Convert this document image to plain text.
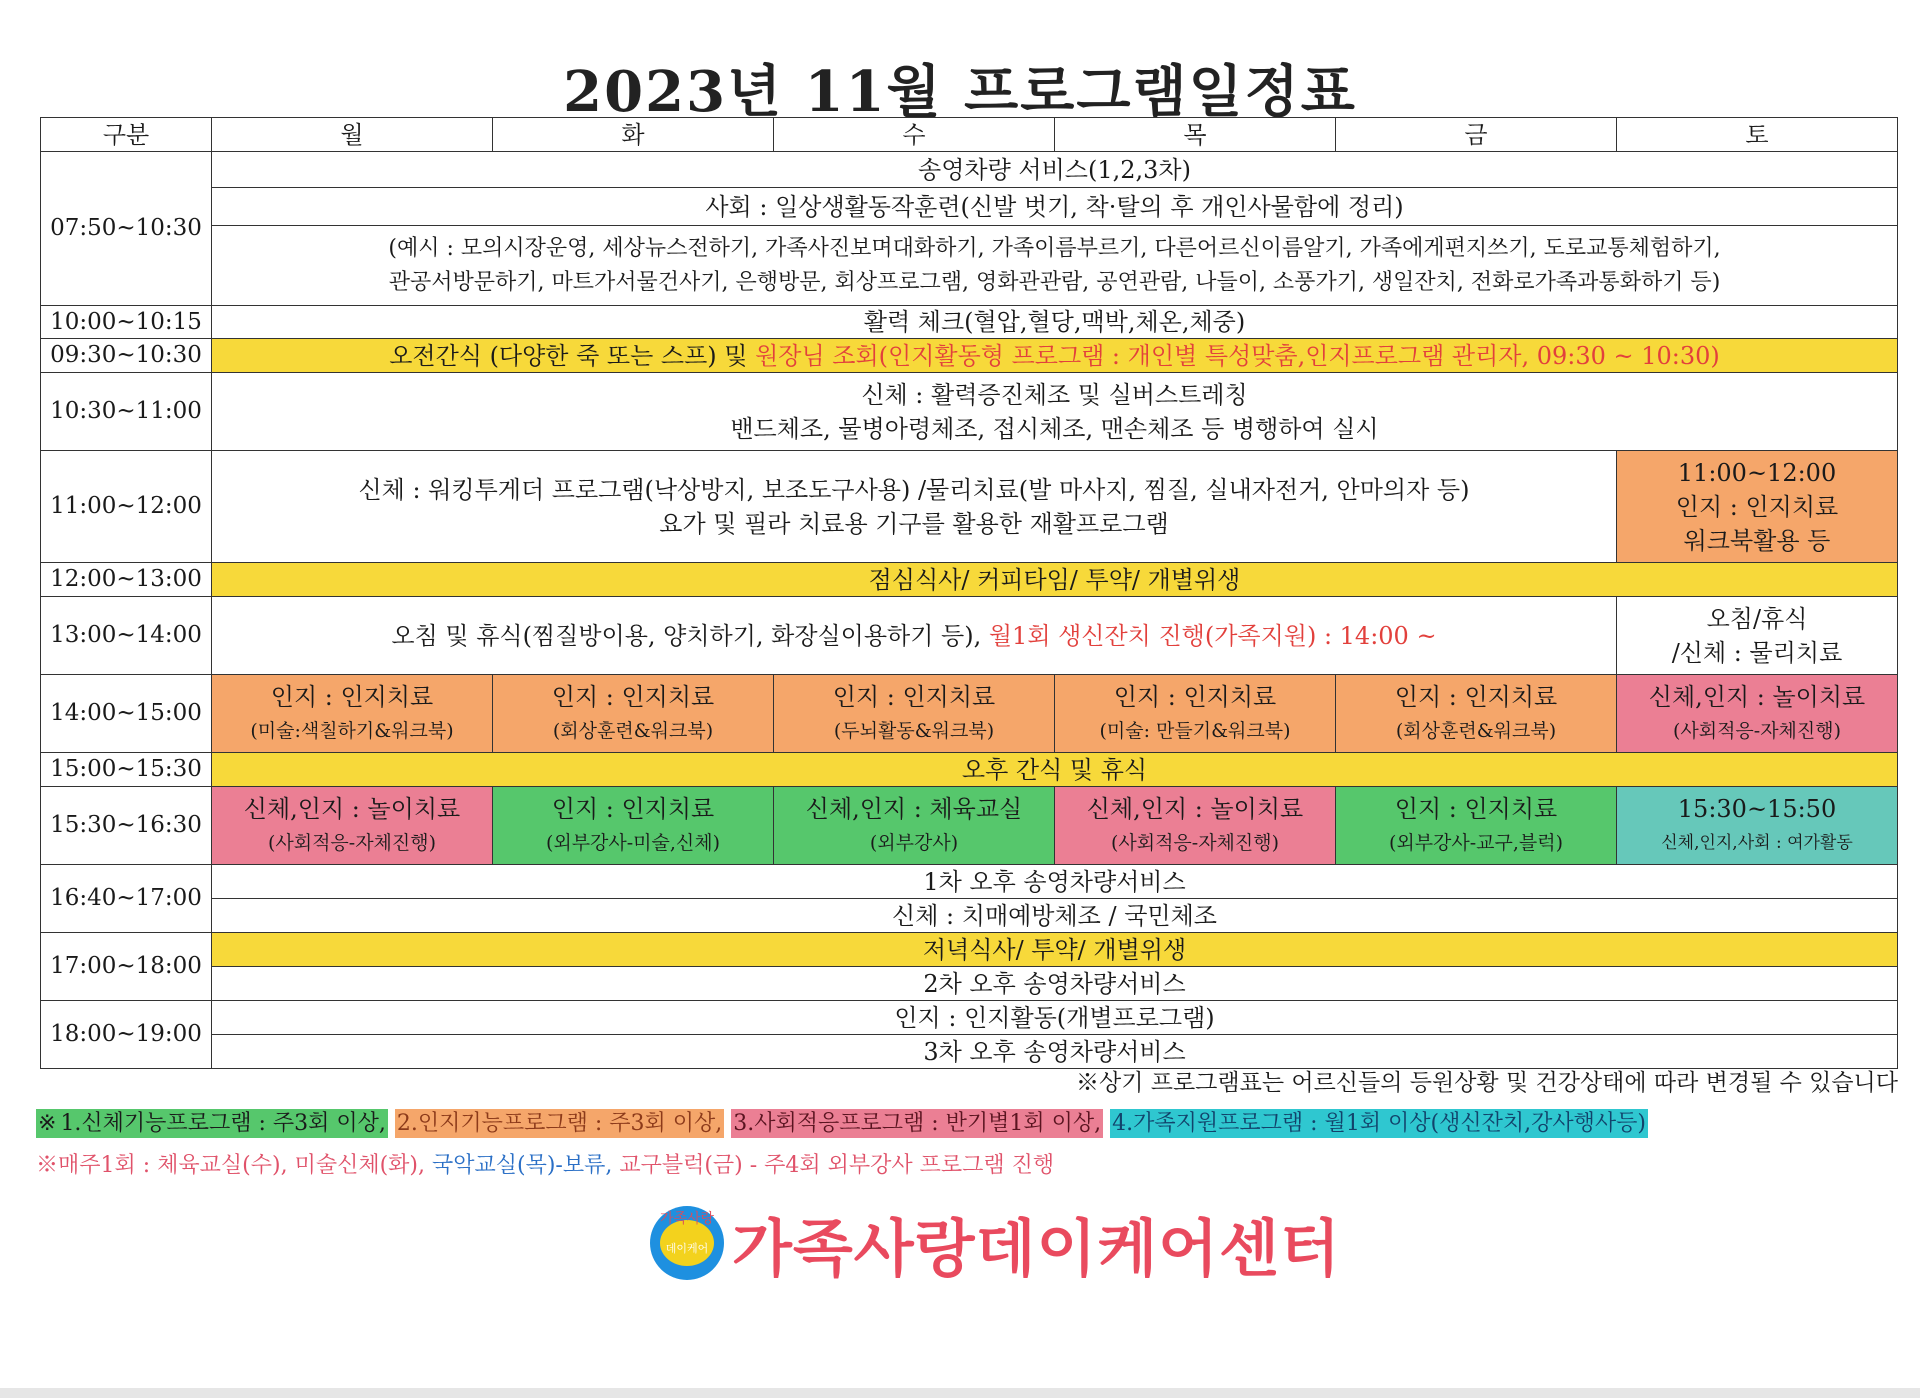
2023년 11월 프로그램일정표
구분	월	화	수	목	금	토
07:50~10:30	송영차량 서비스(1,2,3차)					
	사회 : 일상생활동작훈련(신발 벗기, 착·탈의 후 개인사물함에 정리)					

	(예시 : 모의시장운영, 세상뉴스전하기, 가족사진보며대화하기, 가족이름부르기, 다른어르신이름알기, 가족에게편지쓰기, 도로교통체험하기,
관공서방문하기, 마트가서물건사기, 은행방문, 회상프로그램, 영화관관람, 공연관람, 나들이, 소풍가기, 생일잔치, 전화로가족과통화하기 등)					

10:00~10:15	활력 체크(혈압,혈당,맥박,체온,체중)					
09:30~10:30	오전간식 (다양한 죽 또는 스프) 및 원장님 조회(인지활동형 프로그램 : 개인별 특성맞춤,인지프로그램 관리자, 09:30 ~ 10:30)					
10:30~11:00	신체 : 활력증진체조 및 실버스트레칭
밴드체조, 물병아령체조, 접시체조, 맨손체조 등 병행하여 실시					

11:00~12:00	신체 : 워킹투게더 프로그램(낙상방지, 보조도구사용) /물리치료(발 마사지, 찜질, 실내자전거, 안마의자 등)
요가 및 필라 치료용 기구를 활용한 재활프로그램					11:00~12:00
인지 : 인지치료
워크북활용 등

12:00~13:00	점심식사/ 커피타임/ 투약/ 개별위생					
13:00~14:00	오침 및 휴식(찜질방이용, 양치하기, 화장실이용하기 등), 월1회 생신잔치 진행(가족지원) : 14:00 ~					오침/휴식
/신체 : 물리치료

14:00~15:00	인지 : 인지치료
(미술:색칠하기&워크북)	인지 : 인지치료
(회상훈련&워크북)	인지 : 인지치료
(두뇌활동&워크북)	인지 : 인지치료
(미술: 만들기&워크북)	인지 : 인지치료
(회상훈련&워크북)	신체,인지 : 놀이치료
(사회적응-자체진행)

15:00~15:30	오후 간식 및 휴식					
15:30~16:30	신체,인지 : 놀이치료
(사회적응-자체진행)	인지 : 인지치료
(외부강사-미술,신체)	신체,인지 : 체육교실
(외부강사)	신체,인지 : 놀이치료
(사회적응-자체진행)	인지 : 인지치료
(외부강사-교구,블럭)	15:30~15:50
신체,인지,사회 : 여가활동

16:40~17:00	1차 오후 송영차량서비스					
	신체 : 치매예방체조 / 국민체조					
17:00~18:00	저녁식사/ 투약/ 개별위생					
	2차 오후 송영차량서비스					
18:00~19:00	인지 : 인지활동(개별프로그램)					
	3차 오후 송영차량서비스					
※상기 프로그램표는 어르신들의 등원상황 및 건강상태에 따라 변경될 수 있습니다
※ 1.신체기능프로그램 : 주3회 이상, 2.인지기능프로그램 : 주3회 이상, 3.사회적응프로그램 : 반기별1회 이상, 4.가족지원프로그램 : 월1회 이상(생신잔치,강사행사등)
※매주1회 : 체육교실(수), 미술신체(화), 국악교실(목)-보류, 교구블럭(금) - 주4회 외부강사 프로그램 진행
가족사랑
데이케어 가족사랑데이케어센터
